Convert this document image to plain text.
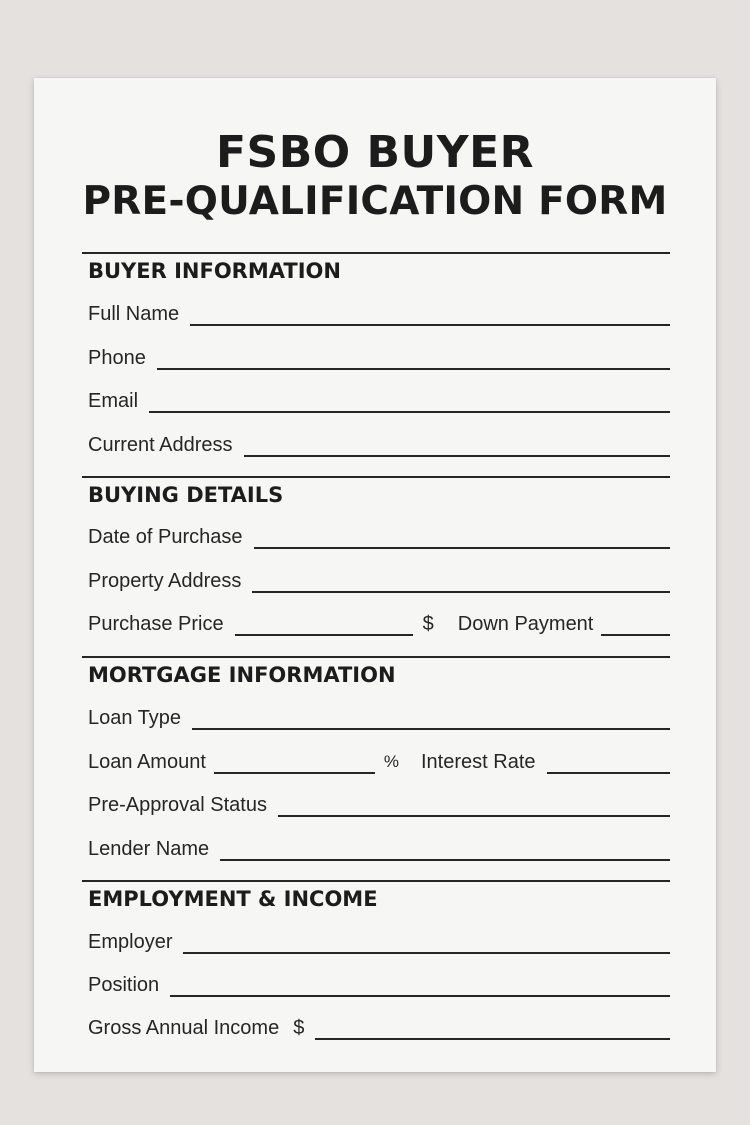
FSBO BUYER
PRE-QUALIFICATION FORM
BUYER INFORMATION
Full Name
Phone
Email
Current Address
BUYING DETAILS
Date of Purchase
Property Address
Purchase Price	$ Down Payment
MORTGAGE INFORMATION
Loan Type
Loan Amount	% Interest Rate
Pre-Approval Status
Lender Name
EMPLOYMENT & INCOME
Employer
Position
Gross Annual Income $
